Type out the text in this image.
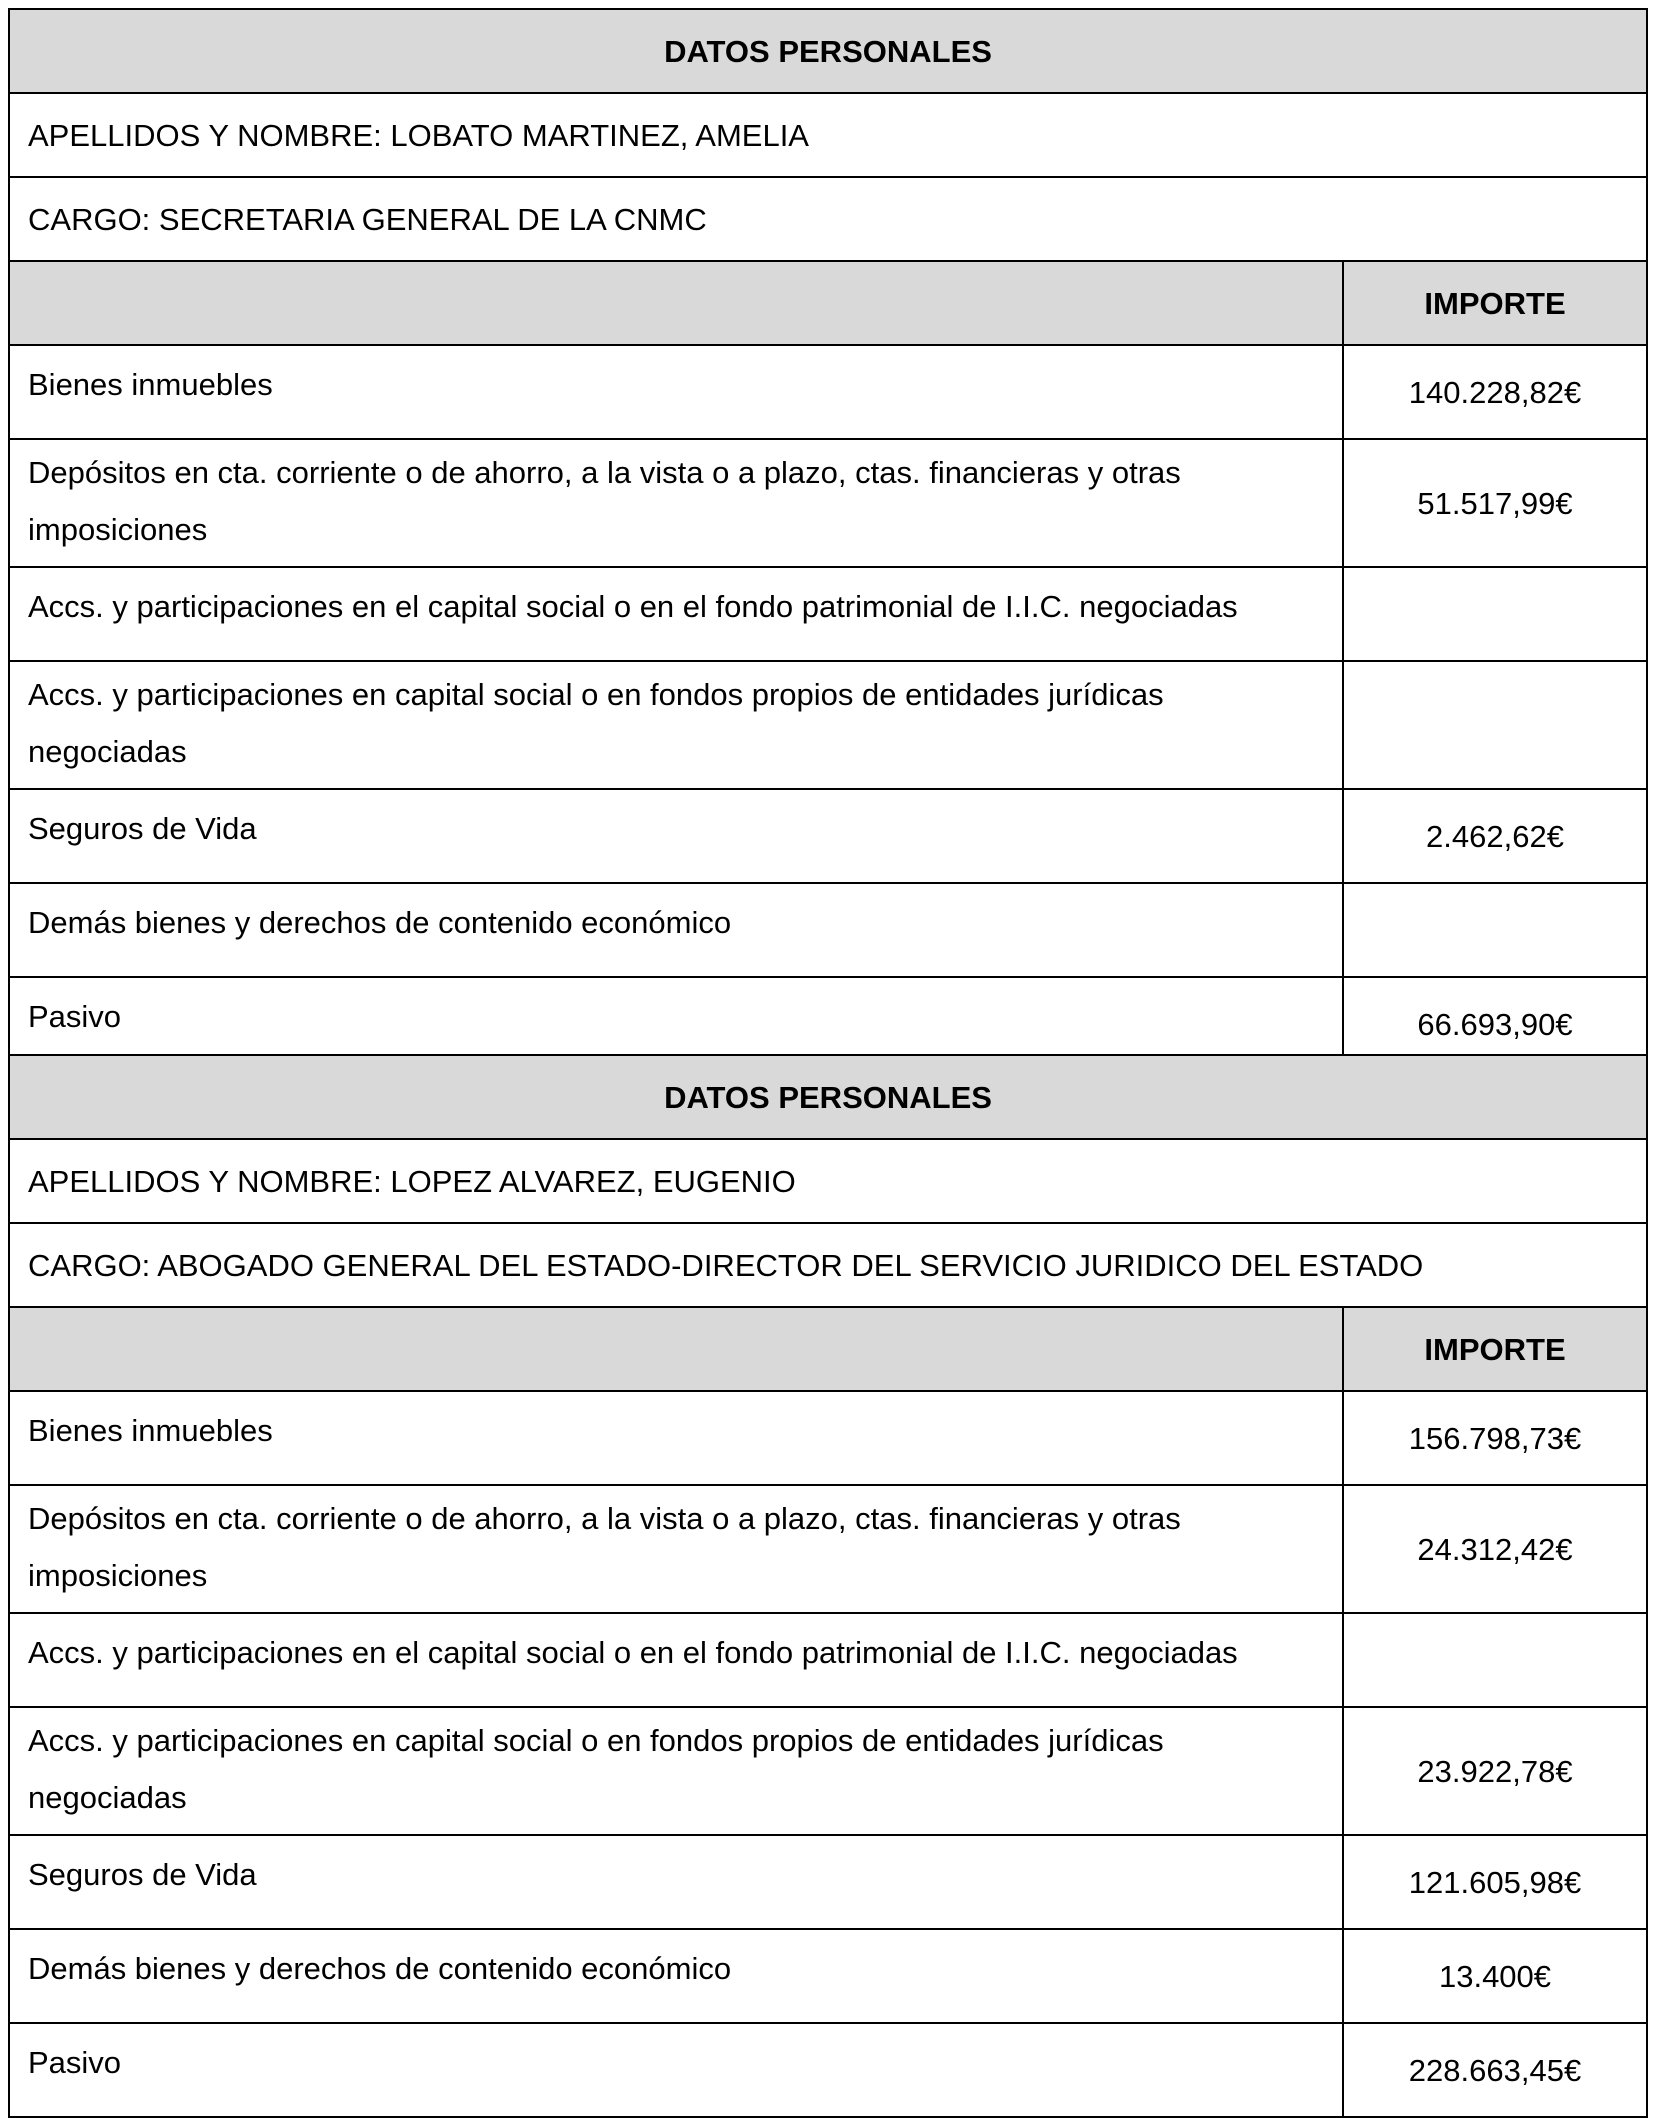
DATOS PERSONALES	
APELLIDOS Y NOMBRE: LOBATO MARTINEZ, AMELIA	
CARGO: SECRETARIA GENERAL DE LA CNMC	
	IMPORTE
Bienes inmuebles	140.228,82€
Depósitos en cta. corriente o de ahorro, a la vista o a plazo, ctas. financieras y otras imposiciones	51.517,99€
Accs. y participaciones en el capital social o en el fondo patrimonial de I.I.C. negociadas	
Accs. y participaciones en capital social o en fondos propios de entidades jurídicas negociadas	
Seguros de Vida	2.462,62€
Demás bienes y derechos de contenido económico	
Pasivo	66.693,90€
DATOS PERSONALES	
APELLIDOS Y NOMBRE: LOPEZ ALVAREZ, EUGENIO	
CARGO: ABOGADO GENERAL DEL ESTADO-DIRECTOR DEL SERVICIO JURIDICO DEL ESTADO	
	IMPORTE
Bienes inmuebles	156.798,73€
Depósitos en cta. corriente o de ahorro, a la vista o a plazo, ctas. financieras y otras imposiciones	24.312,42€
Accs. y participaciones en el capital social o en el fondo patrimonial de I.I.C. negociadas	
Accs. y participaciones en capital social o en fondos propios de entidades jurídicas negociadas	23.922,78€
Seguros de Vida	121.605,98€
Demás bienes y derechos de contenido económico	13.400€
Pasivo	228.663,45€
